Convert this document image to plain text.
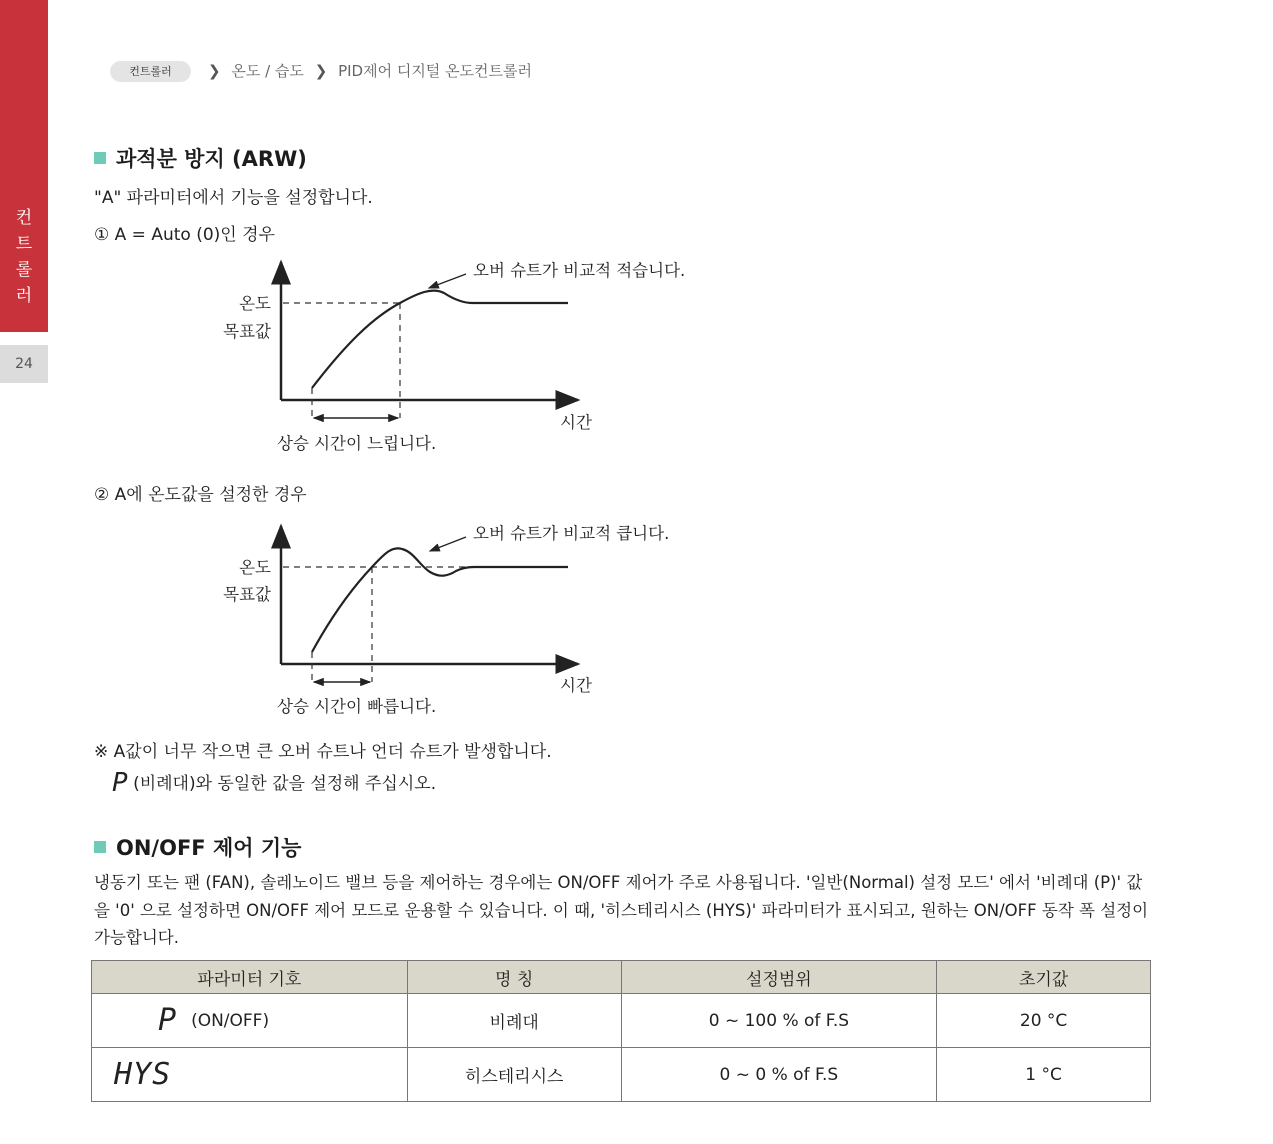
컨
트
롤
러
24
컨트롤러	❯ 온도 / 습도 ❯ PID제어 디지털 온도컨트롤러
과적분 방지 (ARW)
"A" 파라미터에서 기능을 설정합니다.
① A = Auto (0)인 경우
온도
목표값
시간
오버 슈트가 비교적 적습니다.
상승 시간이 느립니다.
온도
목표값
시간
오버 슈트가 비교적 큽니다.
상승 시간이 빠릅니다.
② A에 온도값을 설정한 경우
※ A값이 너무 작으면 큰 오버 슈트나 언더 슈트가 발생합니다.
P (비례대)와 동일한 값을 설정해 주십시오.
ON/OFF 제어 기능
냉동기 또는 팬 (FAN), 솔레노이드 밸브 등을 제어하는 경우에는 ON/OFF 제어가 주로 사용됩니다. '일반(Normal) 설정 모드' 에서 '비례대 (P)' 값을 '0' 으로 설정하면 ON/OFF 제어 모드로 운용할 수 있습니다. 이 때, '히스테리시스 (HYS)' 파라미터가 표시되고, 원하는 ON/OFF 동작 폭 설정이 가능합니다.
파라미터 기호	명 칭	설정범위	초기값
P (ON/OFF)	비례대	0 ~ 100 % of F.S	20 °C
HYS	히스테리시스	0 ~ 0 % of F.S	1 °C
